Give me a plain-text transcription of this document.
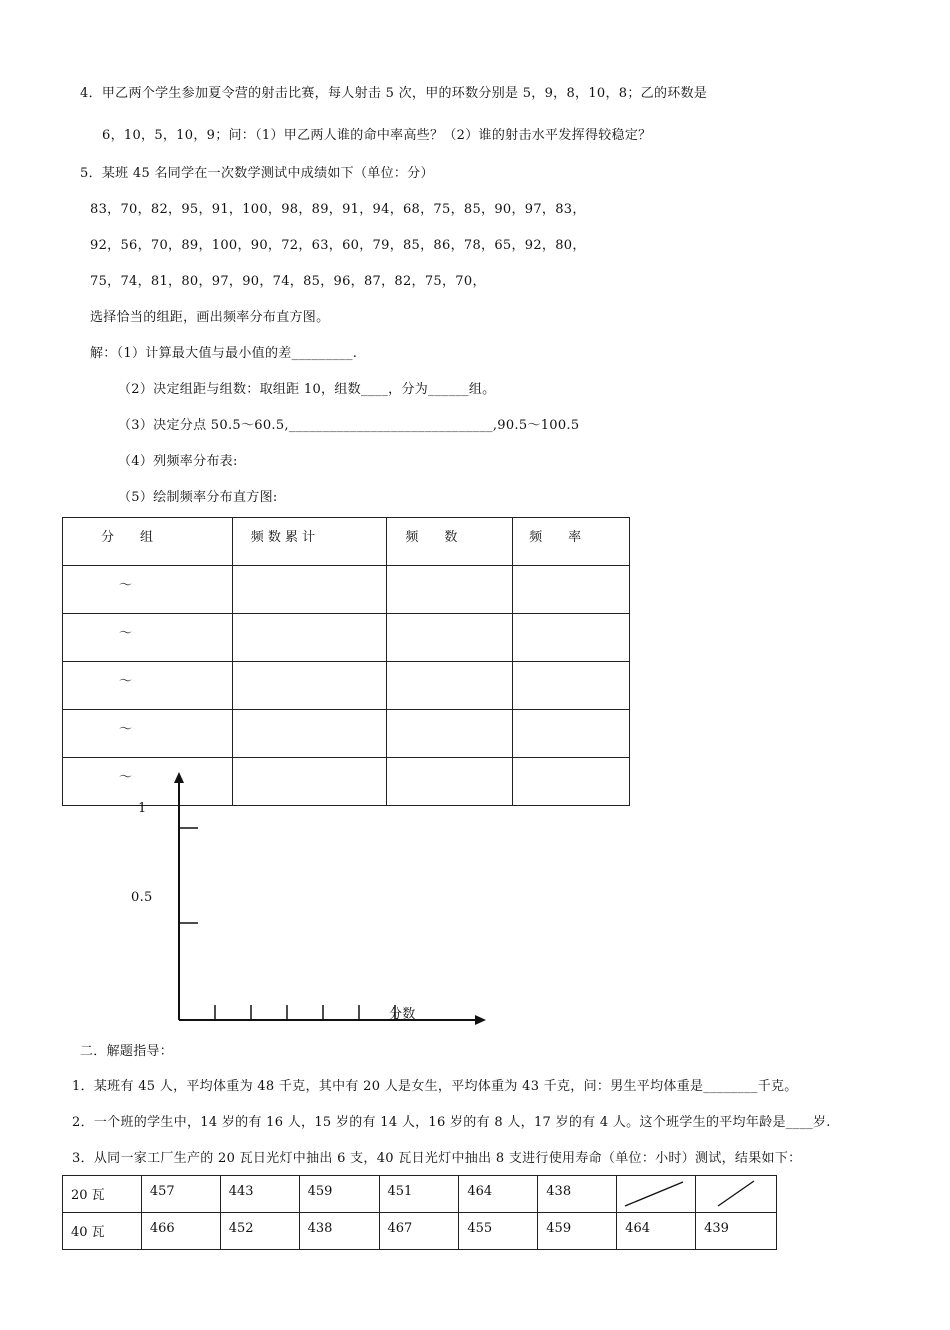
4．甲乙两个学生参加夏令营的射击比赛，每人射击 5 次，甲的环数分别是 5，9，8，10，8；乙的环数是
6，10，5，10，9；问：（1）甲乙两人谁的命中率高些？（2）谁的射击水平发挥得较稳定？
5．某班 45 名同学在一次数学测试中成绩如下（单位：分）
83，70，82，95，91，100，98，89，91，94，68，75，85，90，97，83，
92，56，70，89，100，90，72，63，60，79，85，86，78，65，92，80，
75，74，81，80，97，90，74，85，96，87，82，75，70，
选择恰当的组距，画出频率分布直方图。
解：（1）计算最大值与最小值的差_________.
（2）决定组距与组数：取组距 10，组数____，分为______组。
（3）决定分点 50.5～60.5,______________________________,90.5～100.5
（4）列频率分布表:
（5）绘制频率分布直方图:
分　　组	频 数 累 计	频　　数	频　　率
～			
～			
～			
～			
～			
1
0.5
分数
二．解题指导：
1．某班有 45 人，平均体重为 48 千克，其中有 20 人是女生，平均体重为 43 千克，问：男生平均体重是________千克。
2．一个班的学生中，14 岁的有 16 人，15 岁的有 14 人，16 岁的有 8 人，17 岁的有 4 人。这个班学生的平均年龄是____岁.
3．从同一家工厂生产的 20 瓦日光灯中抽出 6 支，40 瓦日光灯中抽出 8 支进行使用寿命（单位：小时）测试，结果如下：
20 瓦	457	443	459	451	464	438	

40 瓦	466	452	438	467	455	459	464	439
